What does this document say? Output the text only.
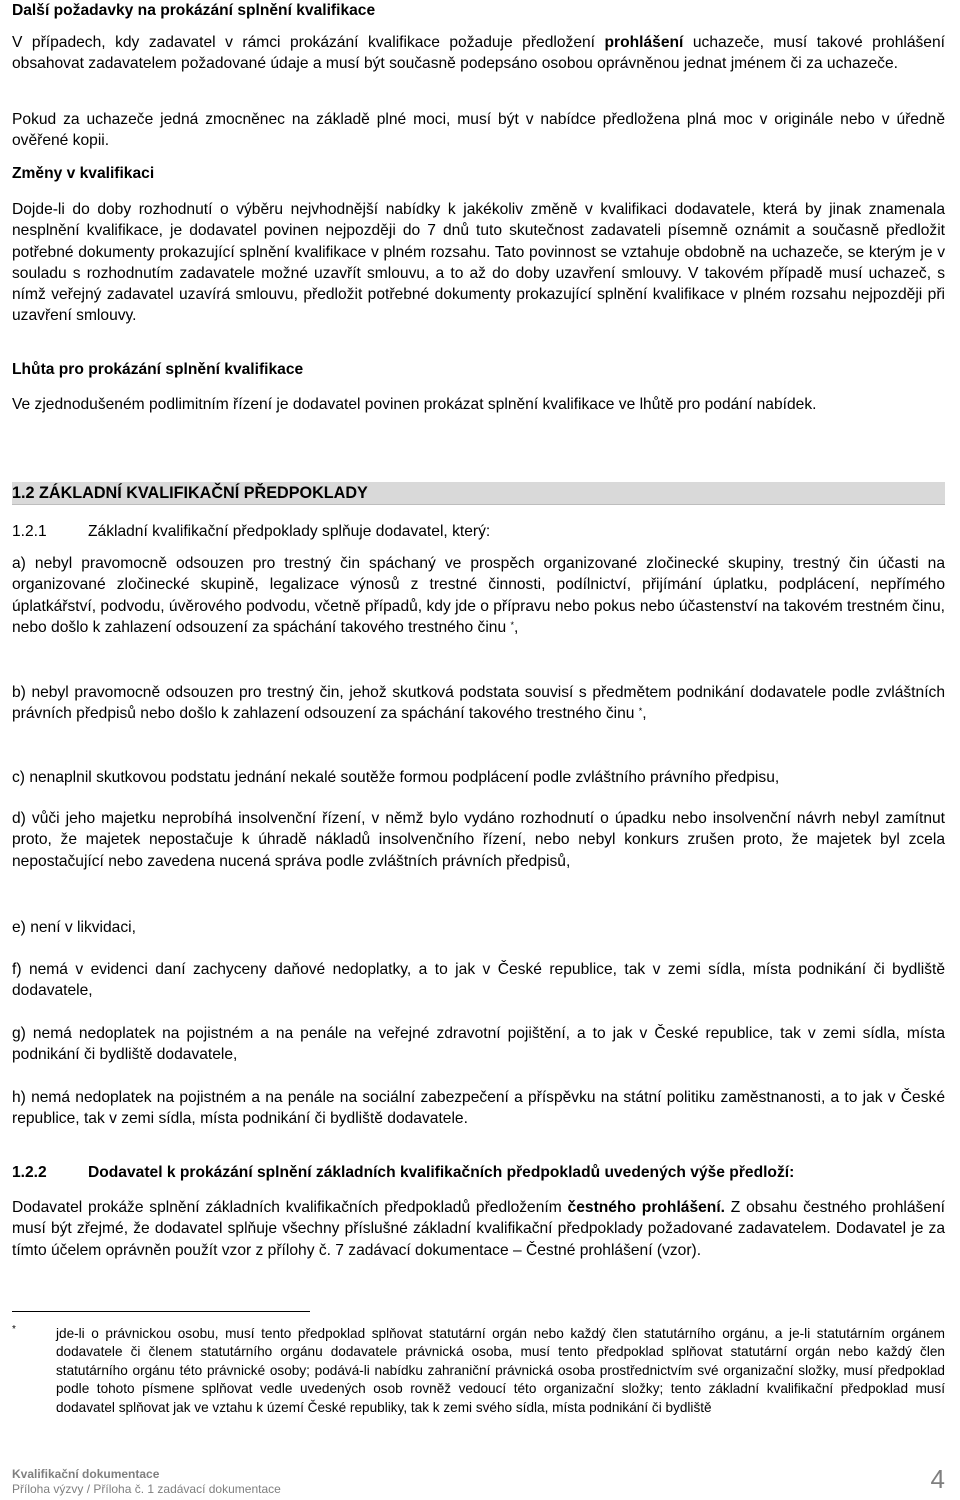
Další požadavky na prokázání splnění kvalifikace

V případech, kdy zadavatel v rámci prokázání kvalifikace požaduje předložení prohlášení uchazeče, musí takové prohlášení obsahovat zadavatelem požadované údaje a musí být současně podepsáno osobou oprávněnou jednat jménem či za uchazeče.

Pokud za uchazeče jedná zmocněnec na základě plné moci, musí být v nabídce předložena plná moc v originále nebo v úředně ověřené kopii.

Změny v kvalifikaci

Dojde-li do doby rozhodnutí o výběru nejvhodnější nabídky k jakékoliv změně v kvalifikaci dodavatele, která by jinak znamenala nesplnění kvalifikace, je dodavatel povinen nejpozději do 7 dnů tuto skutečnost zadavateli písemně oznámit a současně předložit potřebné dokumenty prokazující splnění kvalifikace v plném rozsahu. Tato povinnost se vztahuje obdobně na uchazeče, se kterým je v souladu s rozhodnutím zadavatele možné uzavřít smlouvu, a to až do doby uzavření smlouvy. V takovém případě musí uchazeč, s nímž veřejný zadavatel uzavírá smlouvu, předložit potřebné dokumenty prokazující splnění kvalifikace v plném rozsahu nejpozději při uzavření smlouvy.

Lhůta pro prokázání splnění kvalifikace

Ve zjednodušeném podlimitním řízení je dodavatel povinen prokázat splnění kvalifikace ve lhůtě pro podání nabídek.

1.2 ZÁKLADNÍ KVALIFIKAČNÍ PŘEDPOKLADY

1.2.1	Základní kvalifikační předpoklady splňuje dodavatel, který:

a) nebyl pravomocně odsouzen pro trestný čin spáchaný ve prospěch organizované zločinecké skupiny, trestný čin účasti na organizované zločinecké skupině, legalizace výnosů z trestné činnosti, podílnictví, přijímání úplatku, podplácení, nepřímého úplatkářství, podvodu, úvěrového podvodu, včetně případů, kdy jde o přípravu nebo pokus nebo účastenství na takovém trestném činu, nebo došlo k zahlazení odsouzení za spáchání takového trestného činu *,

b) nebyl pravomocně odsouzen pro trestný čin, jehož skutková podstata souvisí s předmětem podnikání dodavatele podle zvláštních právních předpisů nebo došlo k zahlazení odsouzení za spáchání takového trestného činu *,

c) nenaplnil skutkovou podstatu jednání nekalé soutěže formou podplácení podle zvláštního právního předpisu,

d) vůči jeho majetku neprobíhá insolvenční řízení, v němž bylo vydáno rozhodnutí o úpadku nebo insolvenční návrh nebyl zamítnut proto, že majetek nepostačuje k úhradě nákladů insolvenčního řízení, nebo nebyl konkurs zrušen proto, že majetek byl zcela nepostačující nebo zavedena nucená správa podle zvláštních právních předpisů,

e) není v likvidaci,

f) nemá v evidenci daní zachyceny daňové nedoplatky, a to jak v České republice, tak v zemi sídla, místa podnikání či bydliště dodavatele,

g) nemá nedoplatek na pojistném a na penále na veřejné zdravotní pojištění, a to jak v České republice, tak v zemi sídla, místa podnikání či bydliště dodavatele,

h) nemá nedoplatek na pojistném a na penále na sociální zabezpečení a příspěvku na státní politiku zaměstnanosti, a to jak v České republice, tak v zemi sídla, místa podnikání či bydliště dodavatele.

1.2.2	Dodavatel k prokázání splnění základních kvalifikačních předpokladů uvedených výše předloží:

Dodavatel prokáže splnění základních kvalifikačních předpokladů předložením čestného prohlášení. Z obsahu čestného prohlášení musí být zřejmé, že dodavatel splňuje všechny příslušné základní kvalifikační předpoklady požadované zadavatelem. Dodavatel je za tímto účelem oprávněn použít vzor z přílohy č. 7 zadávací dokumentace – Čestné prohlášení (vzor).

*	jde-li o právnickou osobu, musí tento předpoklad splňovat statutární orgán nebo každý člen statutárního orgánu, a je-li statutárním orgánem dodavatele či členem statutárního orgánu dodavatele právnická osoba, musí tento předpoklad splňovat statutární orgán nebo každý člen statutárního orgánu této právnické osoby; podává-li nabídku zahraniční právnická osoba prostřednictvím své organizační složky, musí předpoklad podle tohoto písmene splňovat vedle uvedených osob rovněž vedoucí této organizační složky; tento základní kvalifikační předpoklad musí dodavatel splňovat jak ve vztahu k území České republiky, tak k zemi svého sídla, místa podnikání či bydliště

Kvalifikační dokumentace
Příloha výzvy / Příloha č. 1 zadávací dokumentace	4
